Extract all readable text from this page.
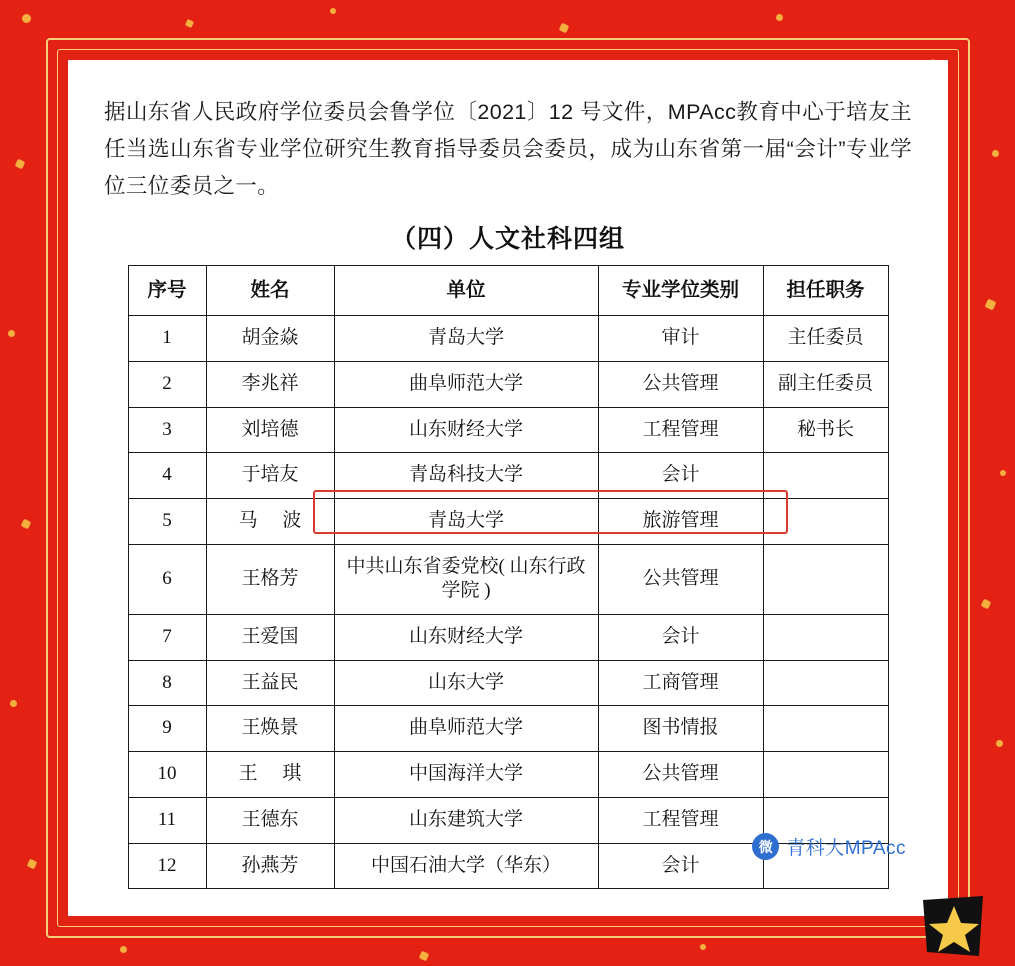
据山东省人民政府学位委员会鲁学位〔2021〕12 号文件，MPAcc教育中心于培友主任当选山东省专业学位研究生教育指导委员会委员，成为山东省第一届“会计”专业学位三位委员之一。

（四）人文社科四组
序号	姓名	单位	专业学位类别	担任职务
1	胡金焱	青岛大学	审计	主任委员
2	李兆祥	曲阜师范大学	公共管理	副主任委员
3	刘培德	山东财经大学	工程管理	秘书长
4	于培友	青岛科技大学	会计	
5	马 波	青岛大学	旅游管理	
6	王格芳	中共山东省委党校( 山东行政学院 )	公共管理	
7	王爱国	山东财经大学	会计	
8	王益民	山东大学	工商管理	
9	王焕景	曲阜师范大学	图书情报	
10	王 琪	中国海洋大学	公共管理	
11	王德东	山东建筑大学	工程管理	
12	孙燕芳	中国石油大学（华东）	会计	
微 青科大MPAcc
